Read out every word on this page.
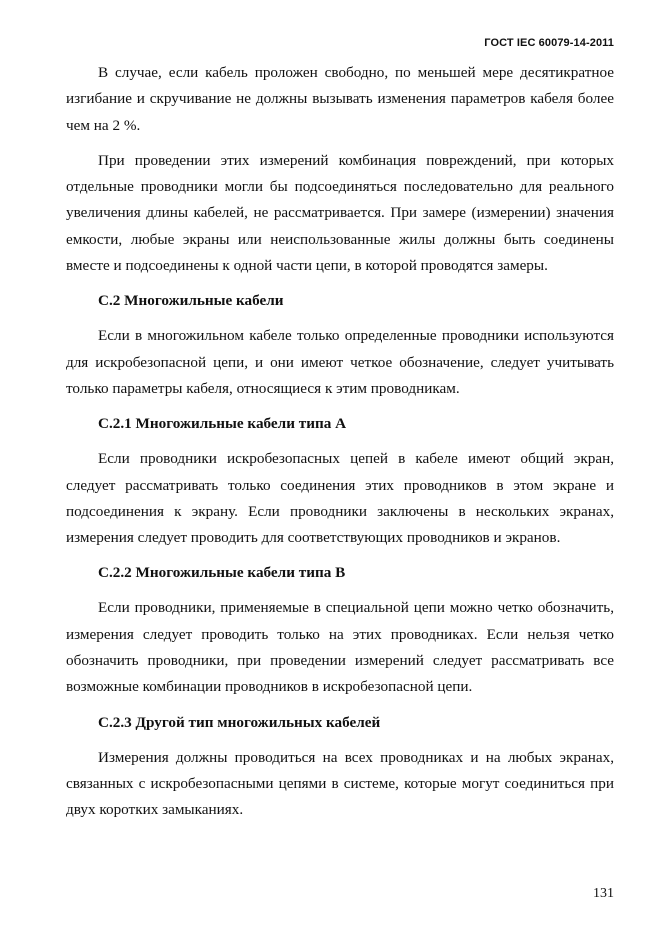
ГОСТ IEC 60079-14-2011

В случае, если кабель проложен свободно, по меньшей мере десятикратное изгибание и скручивание не должны вызывать изменения параметров кабеля более чем на 2 %.

При проведении этих измерений комбинация повреждений, при которых отдельные проводники могли бы подсоединяться последовательно для реального увеличения длины кабелей, не рассматривается. При замере (измерении) значения емкости, любые экраны или неиспользованные жилы должны быть соединены вместе и подсоединены к одной части цепи, в которой проводятся замеры.

С.2 Многожильные кабели

Если в многожильном кабеле только определенные проводники используются для искробезопасной цепи, и они имеют четкое обозначение, следует учитывать только параметры кабеля, относящиеся к этим проводникам.

С.2.1 Многожильные кабели типа А

Если проводники искробезопасных цепей в кабеле имеют общий экран, следует рассматривать только соединения этих проводников в этом экране и подсоединения к экрану. Если проводники заключены в нескольких экранах, измерения следует проводить для соответствующих проводников и экранов.

С.2.2 Многожильные кабели типа В

Если проводники, применяемые в специальной цепи можно четко обозначить, измерения следует проводить только на этих проводниках. Если нельзя четко обозначить проводники, при проведении измерений следует рассматривать все возможные комбинации проводников в искробезопасной цепи.

С.2.3 Другой тип многожильных кабелей

Измерения должны проводиться на всех проводниках и на любых экранах, связанных с искробезопасными цепями в системе, которые могут соединиться при двух коротких замыканиях.

131
